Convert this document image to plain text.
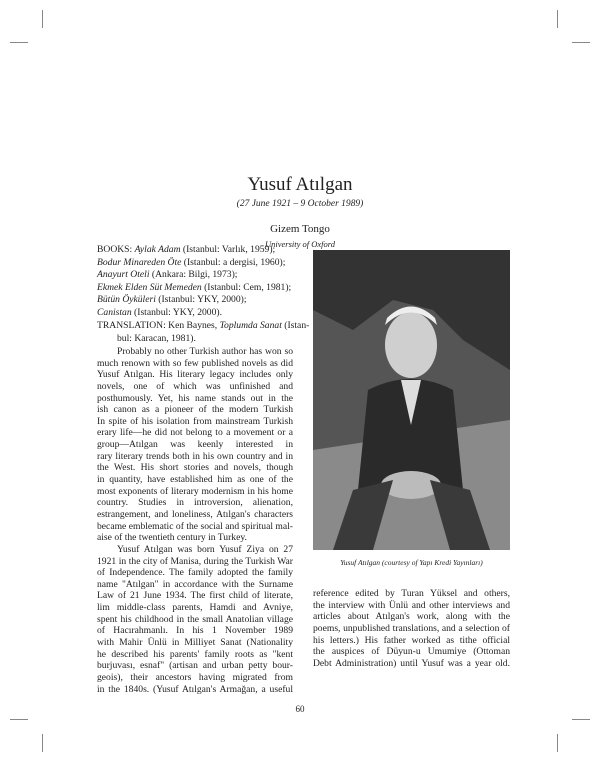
Yusuf Atılgan
(27 June 1921 – 9 October 1989)
Gizem Tongo
University of Oxford
BOOKS: Aylak Adam (Istanbul: Varlık, 1959);
Bodur Minareden Öte (Istanbul: a dergisi, 1960);
Anayurt Oteli (Ankara: Bilgi, 1973);
Ekmek Elden Süt Memeden (Istanbul: Cem, 1981);
Bütün Öyküleri (Istanbul: YKY, 2000);
Canistan (Istanbul: YKY, 2000).
TRANSLATION: Ken Baynes, Toplumda Sanat (Istan-
bul: Karacan, 1981).
Probably no other Turkish author has won so
much renown with so few published novels as did
Yusuf Atılgan. His literary legacy includes only
novels, one of which was unfinished and
posthumously. Yet, his name stands out in the
ish canon as a pioneer of the modern Turkish
In spite of his isolation from mainstream Turkish
erary life—he did not belong to a movement or a
group—Atılgan was keenly interested in
rary literary trends both in his own country and in
the West. His short stories and novels, though
in quantity, have established him as one of the
most exponents of literary modernism in his home
country. Studies in introversion, alienation,
estrangement, and loneliness, Atılgan's characters
became emblematic of the social and spiritual mal-
aise of the twentieth century in Turkey.
Yusuf Atılgan was born Yusuf Ziya on 27
1921 in the city of Manisa, during the Turkish War
of Independence. The family adopted the family
name "Atılgan" in accordance with the Surname
Law of 21 June 1934. The first child of literate,
lim middle-class parents, Hamdi and Avniye,
spent his childhood in the small Anatolian village
of Hacırahmanlı. In his 1 November 1989
with Mahir Ünlü in Milliyet Sanat (Nationality
he described his parents' family roots as "kent
burjuvası, esnaf" (artisan and urban petty bour-
geois), their ancestors having migrated from
in the 1840s. (Yusuf Atılgan's Armağan, a useful
Yusuf Atılgan (courtesy of Yapı Kredi Yayınları)
reference edited by Turan Yüksel and others,
the interview with Ünlü and other interviews and
articles about Atılgan's work, along with the
poems, unpublished translations, and a selection of
his letters.) His father worked as tithe official
the auspices of Düyun-u Umumiye (Ottoman
Debt Administration) until Yusuf was a year old.
60
